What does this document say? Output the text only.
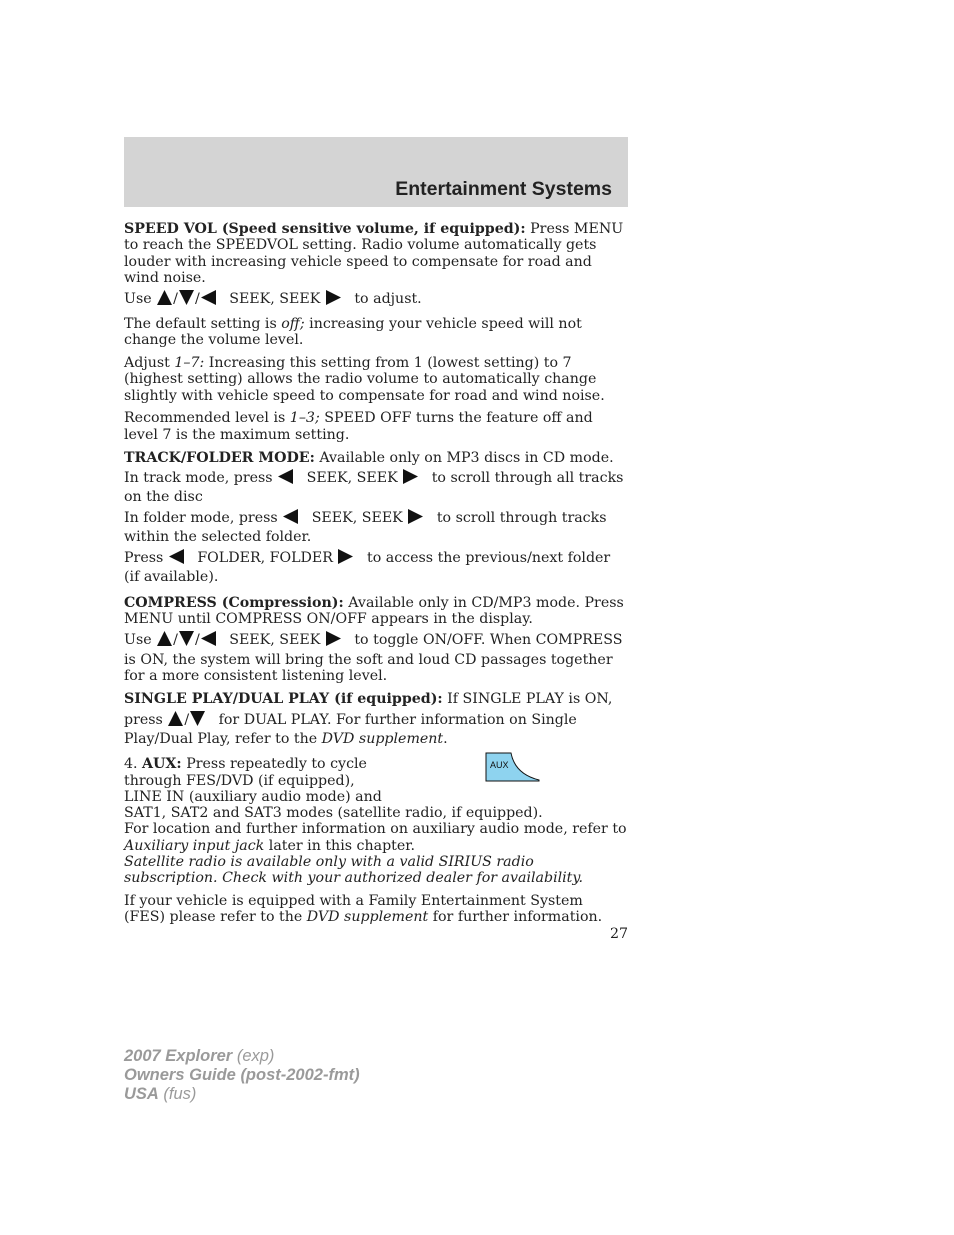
Entertainment Systems

SPEED VOL (Speed sensitive volume, if equipped): Press MENU to reach the SPEEDVOL setting. Radio volume automatically gets louder with increasing vehicle speed to compensate for road and wind noise.

Use / / SEEK, SEEK to adjust.

The default setting is off; increasing your vehicle speed will not change the volume level.

Adjust 1–7: Increasing this setting from 1 (lowest setting) to 7 (highest setting) allows the radio volume to automatically change slightly with vehicle speed to compensate for road and wind noise.

Recommended level is 1–3; SPEED OFF turns the feature off and level 7 is the maximum setting.

TRACK/FOLDER MODE: Available only on MP3 discs in CD mode.

In track mode, press SEEK, SEEK to scroll through all tracks on the disc

In folder mode, press SEEK, SEEK to scroll through tracks within the selected folder.

Press FOLDER, FOLDER to access the previous/next folder (if available).

COMPRESS (Compression): Available only in CD/MP3 mode. Press MENU until COMPRESS ON/OFF appears in the display.

Use / / SEEK, SEEK to toggle ON/OFF. When COMPRESS

is ON, the system will bring the soft and loud CD passages together for a more consistent listening level.

SINGLE PLAY/DUAL PLAY (if equipped): If SINGLE PLAY is ON,

press / for DUAL PLAY. For further information on Single Play/Dual Play, refer to the DVD supplement.

AUX

4. AUX: Press repeatedly to cycle
through FES/DVD (if equipped),
LINE IN (auxiliary audio mode) and
SAT1, SAT2 and SAT3 modes (satellite radio, if equipped).

For location and further information on auxiliary audio mode, refer to Auxiliary input jack later in this chapter.

Satellite radio is available only with a valid SIRIUS radio subscription. Check with your authorized dealer for availability.

If your vehicle is equipped with a Family Entertainment System (FES) please refer to the DVD supplement for further information.

27
2007 Explorer (exp)
Owners Guide (post-2002-fmt)
USA (fus)
